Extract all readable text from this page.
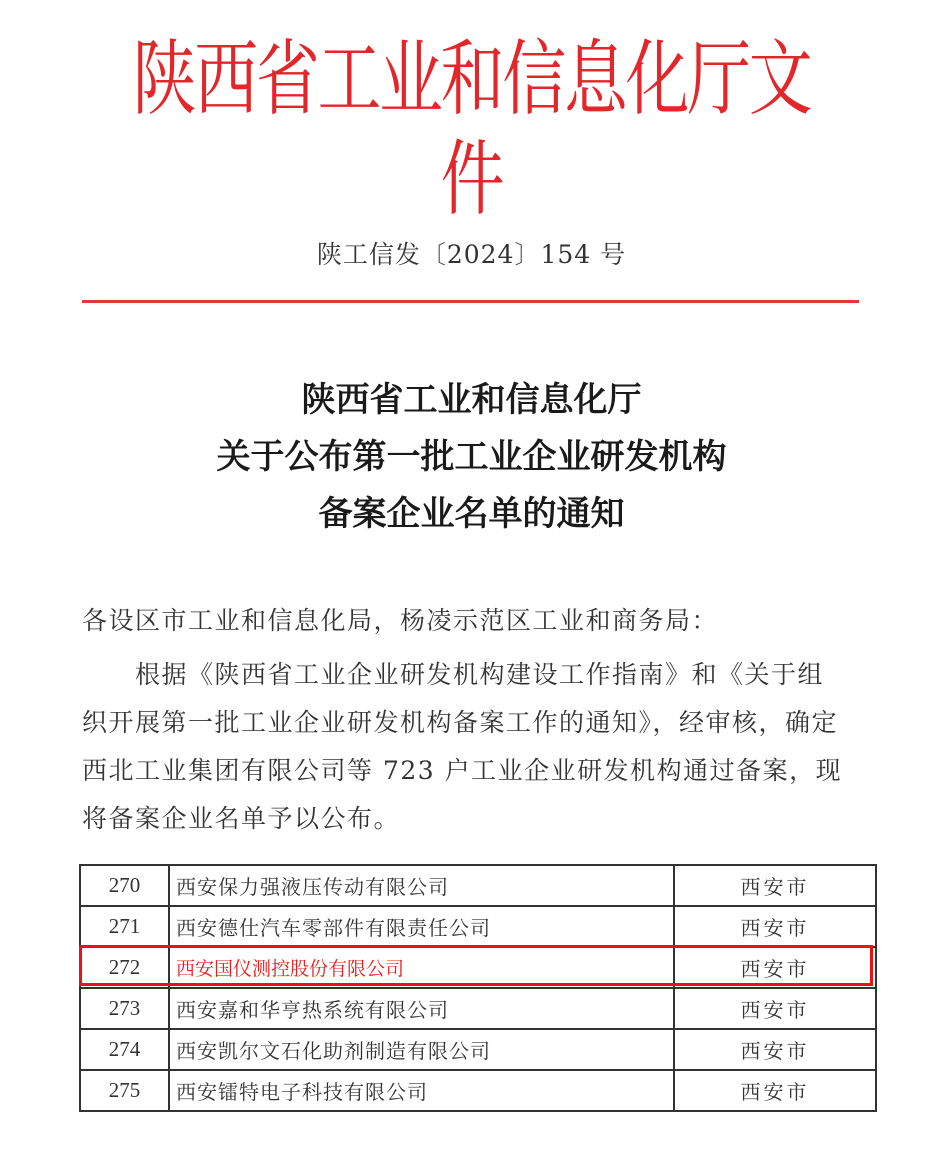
陕西省工业和信息化厅文件
陕工信发〔2024〕154 号
陕西省工业和信息化厅
关于公布第一批工业企业研发机构
备案企业名单的通知
各设区市工业和信息化局，杨凌示范区工业和商务局：
　　根据《陕西省工业企业研发机构建设工作指南》和《关于组
织开展第一批工业企业研发机构备案工作的通知》，经审核，确定
西北工业集团有限公司等 723 户工业企业研发机构通过备案，现
将备案企业名单予以公布。
270	西安保力强液压传动有限公司	西安市
271	西安德仕汽车零部件有限责任公司	西安市
272	西安国仪测控股份有限公司	西安市
273	西安嘉和华亨热系统有限公司	西安市
274	西安凯尔文石化助剂制造有限公司	西安市
275	西安镭特电子科技有限公司	西安市
